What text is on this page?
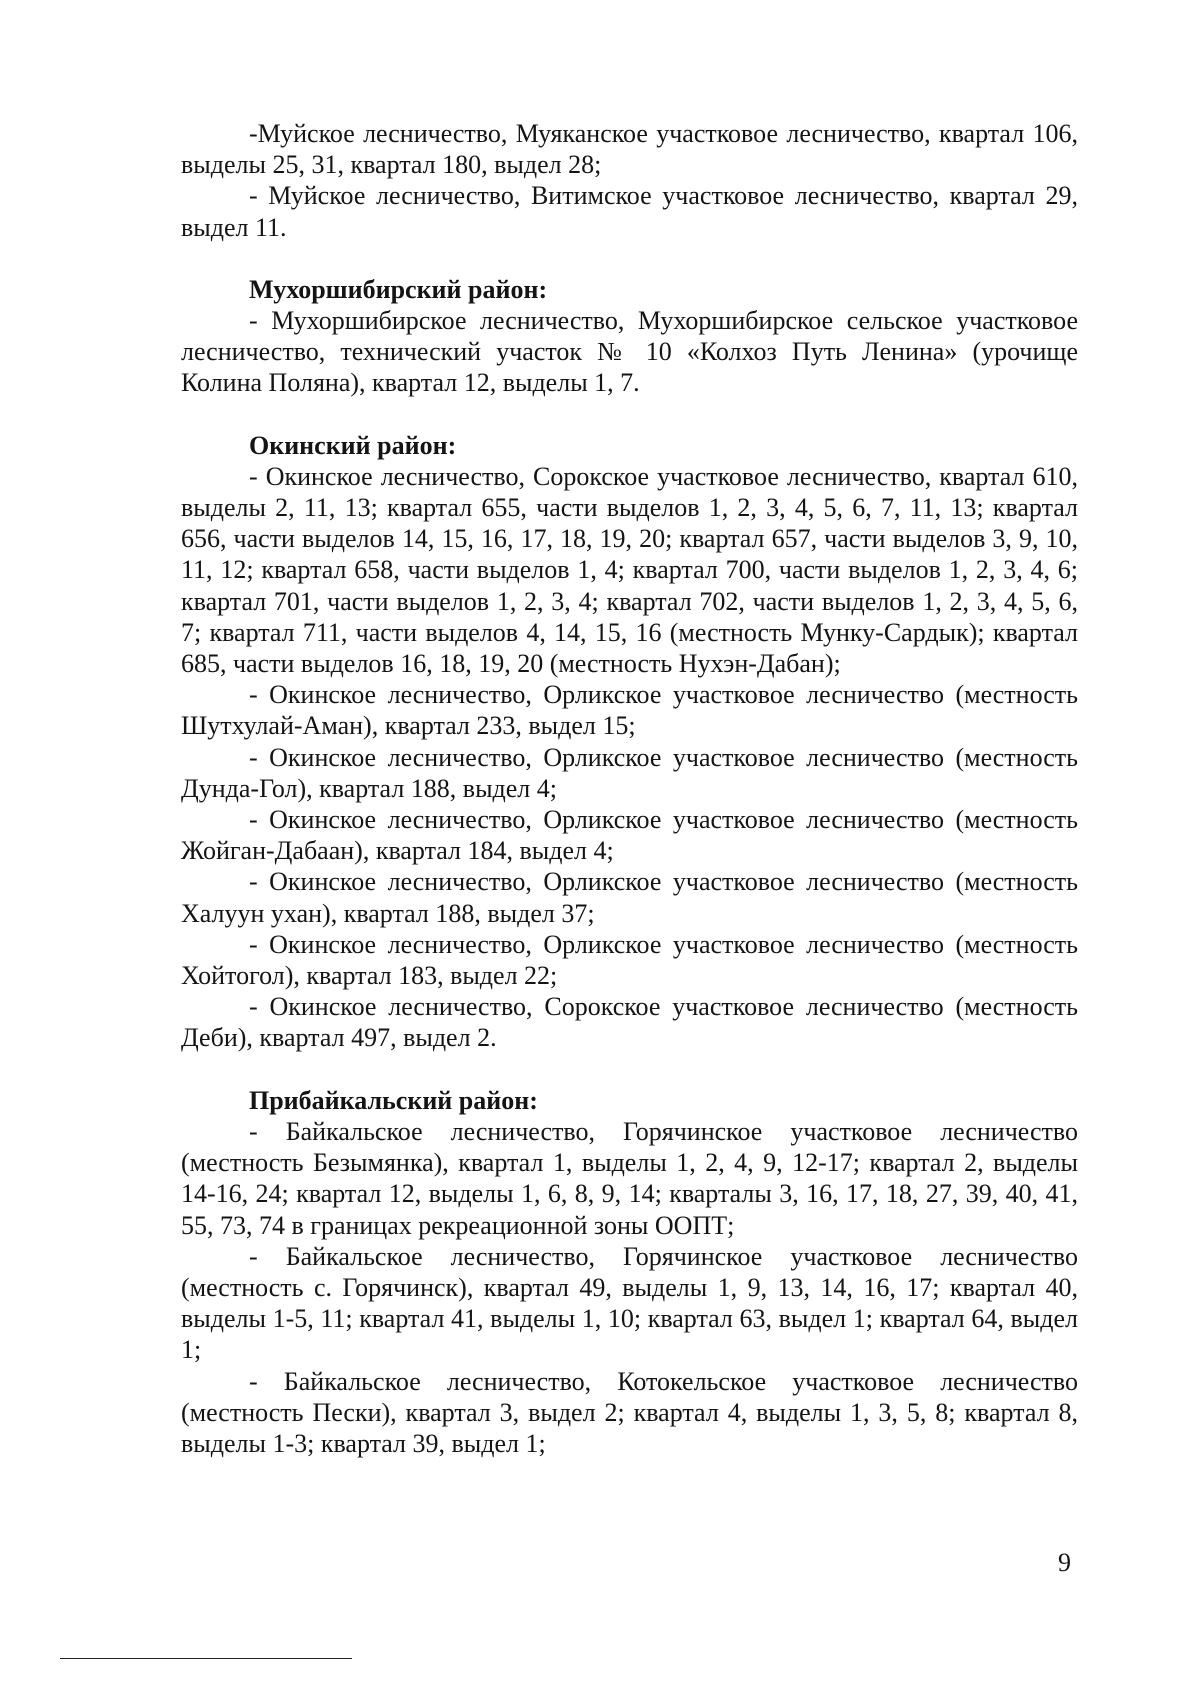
-Муйское лесничество, Муяканское участковое лесничество, квартал 106, выделы 25, 31, квартал 180, выдел 28;

- Муйское лесничество, Витимское участковое лесничество, квартал 29, выдел 11.

Мухоршибирский район:

- Мухоршибирское лесничество, Мухоршибирское сельское участковое лесничество, технический участок № 10 «Колхоз Путь Ленина» (урочище Колина Поляна), квартал 12, выделы 1, 7.

Окинский район:

- Окинское лесничество, Сорокское участковое лесничество, квартал 610, выделы 2, 11, 13; квартал 655, части выделов 1, 2, 3, 4, 5, 6, 7, 11, 13; квартал 656, части выделов 14, 15, 16, 17, 18, 19, 20; квартал 657, части выделов 3, 9, 10, 11, 12; квартал 658, части выделов 1, 4; квартал 700, части выделов 1, 2, 3, 4, 6; квартал 701, части выделов 1, 2, 3, 4; квартал 702, части выделов 1, 2, 3, 4, 5, 6, 7; квартал 711, части выделов 4, 14, 15, 16 (местность Мунку-Сардык); квартал 685, части выделов 16, 18, 19, 20 (местность Нухэн-Дабан);

- Окинское лесничество, Орликское участковое лесничество (местность Шутхулай-Аман), квартал 233, выдел 15;

- Окинское лесничество, Орликское участковое лесничество (местность Дунда-Гол), квартал 188, выдел 4;

- Окинское лесничество, Орликское участковое лесничество (местность Жойган-Дабаан), квартал 184, выдел 4;

- Окинское лесничество, Орликское участковое лесничество (местность Халуун ухан), квартал 188, выдел 37;

- Окинское лесничество, Орликское участковое лесничество (местность Хойтогол), квартал 183, выдел 22;

- Окинское лесничество, Сорокское участковое лесничество (местность Деби), квартал 497, выдел 2.

Прибайкальский район:

- Байкальское лесничество, Горячинское участковое лесничество (местность Безымянка), квартал 1, выделы 1, 2, 4, 9, 12-17; квартал 2, выделы 14-16, 24; квартал 12, выделы 1, 6, 8, 9, 14; кварталы 3, 16, 17, 18, 27, 39, 40, 41, 55, 73, 74 в границах рекреационной зоны ООПТ;

- Байкальское лесничество, Горячинское участковое лесничество (местность с. Горячинск), квартал 49, выделы 1, 9, 13, 14, 16, 17; квартал 40, выделы 1-5, 11; квартал 41, выделы 1, 10; квартал 63, выдел 1; квартал 64, выдел 1;

- Байкальское лесничество, Котокельское участковое лесничество (местность Пески), квартал 3, выдел 2; квартал 4, выделы 1, 3, 5, 8; квартал 8, выделы 1-3; квартал 39, выдел 1;

9
